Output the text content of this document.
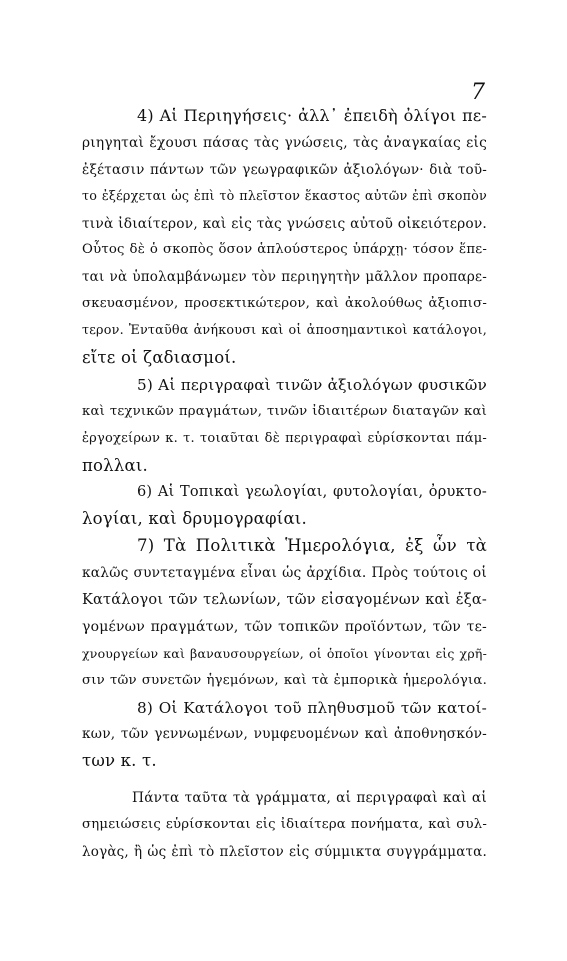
7
4) Αἱ Περιηγήσεις· ἀλλ᾽ ἐπειδὴ ὀλίγοι πε-
ριηγηταὶ ἔχουσι πάσας τὰς γνώσεις, τὰς ἀναγκαίας εἰς
ἐξέτασιν πάντων τῶν γεωγραφικῶν ἀξιολόγων· διὰ τοῦ-
το ἐξέρχεται ὡς ἐπὶ τὸ πλεῖστον ἕκαστος αὐτῶν ἐπὶ σκοπὸν
τινὰ ἰδιαίτερον, καὶ εἰς τὰς γνώσεις αὐτοῦ οἰκειότερον.
Οὗτος δὲ ὁ σκοπὸς ὅσον ἁπλούστερος ὑπάρχῃ· τόσον ἕπε-
ται νὰ ὑπολαμβάνωμεν τὸν περιηγητὴν μᾶλλον προπαρε-
σκευασμένον, προσεκτικώτερον, καὶ ἀκολούθως ἀξιοπισ-
τερον. Ἐνταῦθα ἀνήκουσι καὶ οἱ ἀποσημαντικοὶ κατάλογοι,
εἴτε οἱ ζαδιασμοί.
5) Αἱ περιγραφαὶ τινῶν ἀξιολόγων φυσικῶν
καὶ τεχνικῶν πραγμάτων, τινῶν ἰδιαιτέρων διαταγῶν καὶ
ἐργοχείρων κ. τ. τοιαῦται δὲ περιγραφαὶ εὑρίσκονται πάμ-
πολλαι.
6) Αἱ Τοπικαὶ γεωλογίαι, φυτολογίαι, ὀρυκτο-
λογίαι, καὶ δρυμογραφίαι.
7) Τὰ Πολιτικὰ Ἡμερολόγια, ἐξ ὧν τὰ
καλῶς συντεταγμένα εἶναι ὡς ἀρχίδια. Πρὸς τούτοις οἱ
Κατάλογοι τῶν τελωνίων, τῶν εἰσαγομένων καὶ ἐξα-
γομένων πραγμάτων, τῶν τοπικῶν προϊόντων, τῶν τε-
χνουργείων καὶ βαναυσουργείων, οἱ ὁποῖοι γίνονται εἰς χρῆ-
σιν τῶν συνετῶν ἡγεμόνων, καὶ τὰ ἐμπορικὰ ἡμερολόγια.
8) Οἱ Κατάλογοι τοῦ πληθυσμοῦ τῶν κατοί-
κων, τῶν γεννωμένων, νυμφευομένων καὶ ἀποθνησκόν-
των κ. τ.
Πάντα ταῦτα τὰ γράμματα, αἱ περιγραφαὶ καὶ αἱ
σημειώσεις εὑρίσκονται εἰς ἰδιαίτερα πονήματα, καὶ συλ-
λογὰς, ἢ ὡς ἐπὶ τὸ πλεῖστον εἰς σύμμικτα συγγράμματα.
